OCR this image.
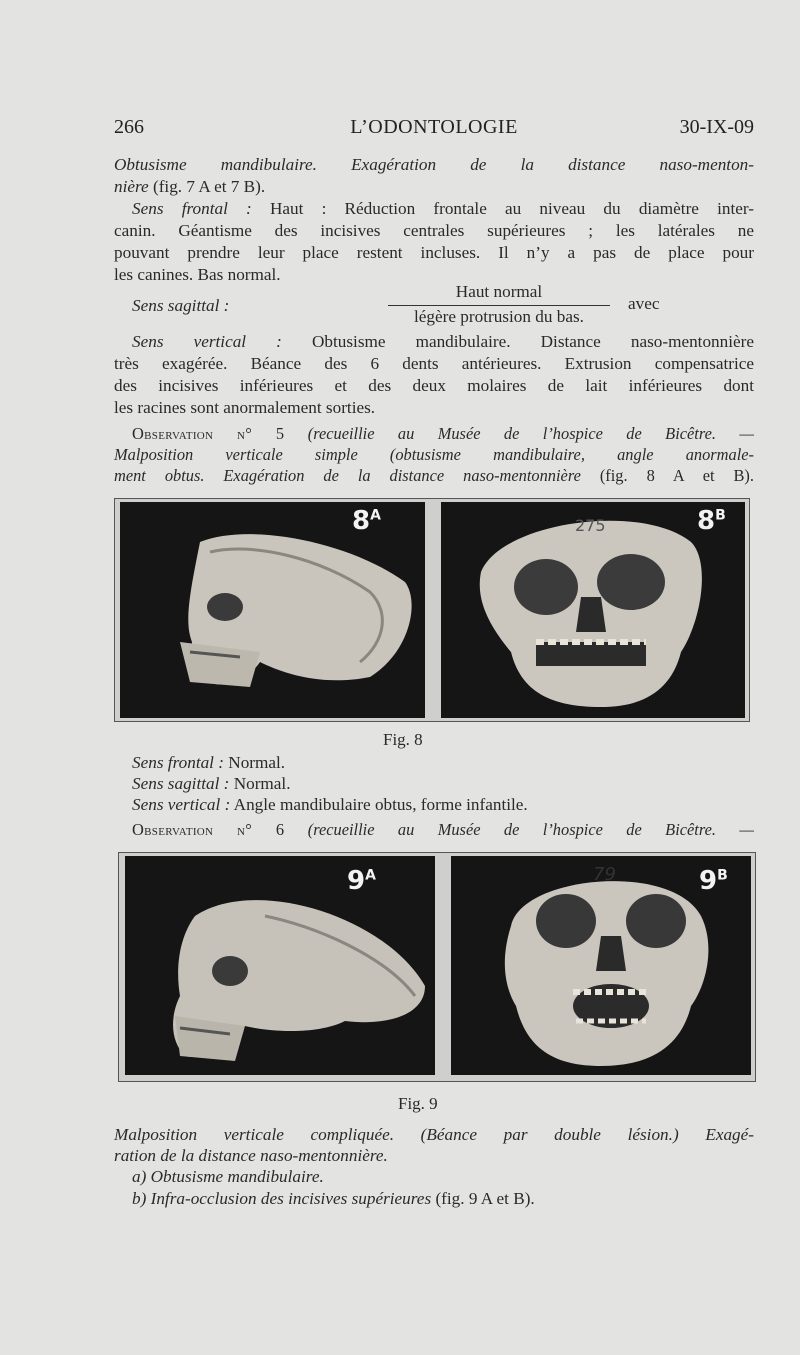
266	L’ODONTOLOGIE	30-IX-09
Obtusisme mandibulaire. Exagération de la distance naso-menton-
nière (fig. 7 A et 7 B).
Sens frontal : Haut : Réduction frontale au niveau du diamètre inter-
canin. Géantisme des incisives centrales supérieures ; les latérales ne
pouvant prendre leur place restent incluses. Il n’y a pas de place pour
les canines. Bas normal.
Sens sagittal :
Haut normal
légère protrusion du bas.
avec
Sens vertical : Obtusisme mandibulaire. Distance naso-mentonnière
très exagérée. Béance des 6 dents antérieures. Extrusion compensatrice
des incisives inférieures et des deux molaires de lait inférieures dont
les racines sont anormalement sorties.
Observation n° 5 (recueillie au Musée de l’hospice de Bicêtre. —
Malposition verticale simple (obtusisme mandibulaire, angle anormale-
ment obtus. Exagération de la distance naso-mentonnière (fig. 8 A et B).
$8^A$
275	$8^B$
Fig. 8
Sens frontal : Normal.
Sens sagittal : Normal.
Sens vertical : Angle mandibulaire obtus, forme infantile.
Observation n° 6 (recueillie au Musée de l’hospice de Bicêtre. —
$9^A$	79	$9^B$
Fig. 9
Malposition verticale compliquée. (Béance par double lésion.) Exagé-
ration de la distance naso-mentonnière.
a) Obtusisme mandibulaire.
b) Infra-occlusion des incisives supérieures (fig. 9 A et B).
